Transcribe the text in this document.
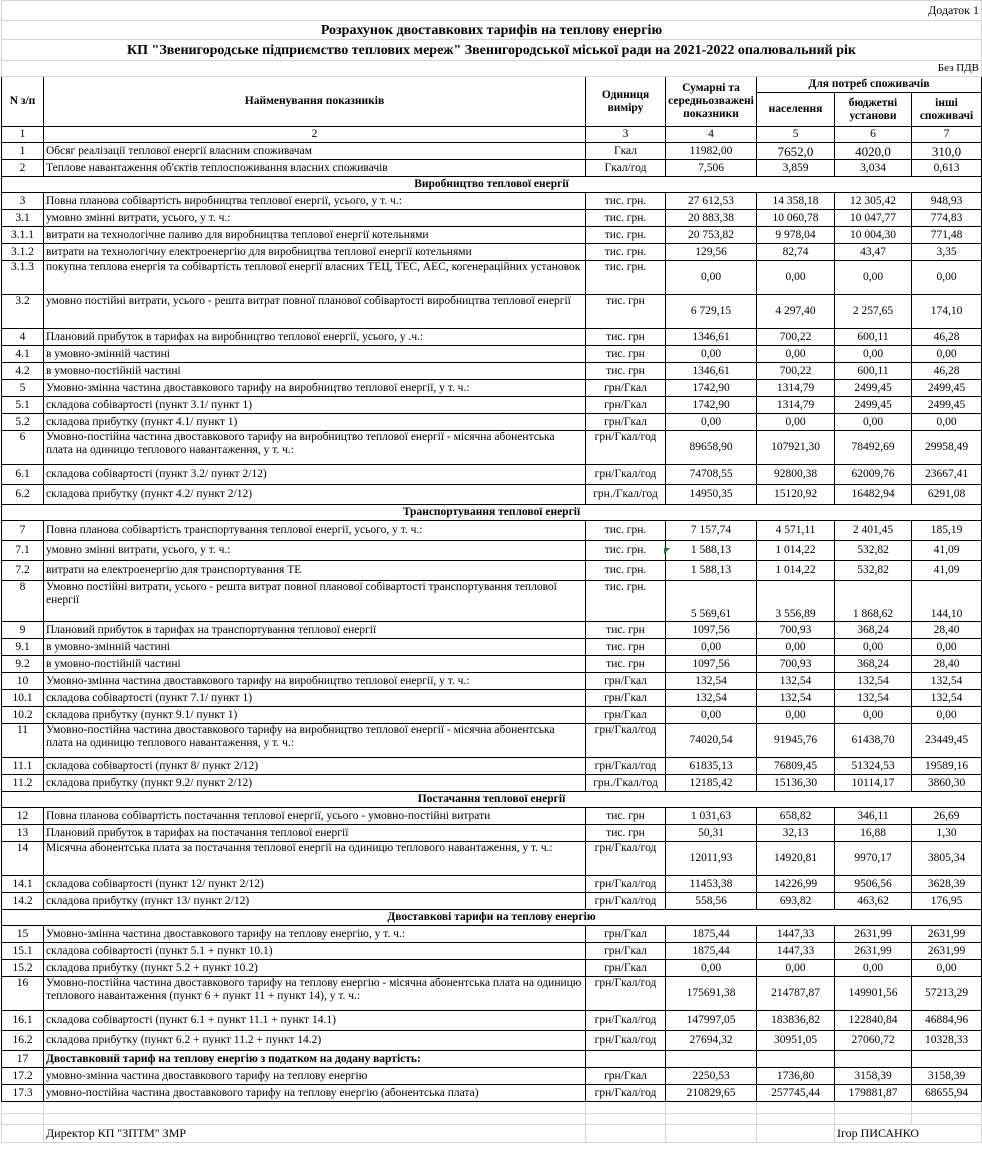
Додаток 1						
Розрахунок двоставкових тарифів на теплову енергію						
КП "Звенигородське підприємство теплових мереж" Звенигородської міської ради на 2021-2022 опалювальний рік						
Без ПДВ						
N з/п	Найменування показників	Одиниця виміру	Сумарні та середньозважені показники	Для потреб споживачів		
				населення	бюджетні установи	інші споживачі

1	2	3	4	5	6	7
1	Обсяг реалізації теплової енергії власним споживачам	Гкал	11982,00	7652,0	4020,0	310,0
2	Теплове навантаження об'єктів теплоспоживання власних споживачів	Гкал/год	7,506	3,859	3,034	0,613
Виробництво теплової енергії						
3	Повна планова собівартість виробництва теплової енергії, усього, у т. ч.:	тис. грн.	27 612,53	14 358,18	12 305,42	948,93
3.1	умовно змінні витрати, усього, у т. ч.:	тис. грн.	20 883,38	10 060,78	10 047,77	774,83
3.1.1	витрати на технологічне паливо для виробництва теплової енергії котельнями	тис. грн.	20 753,82	9 978,04	10 004,30	771,48
3.1.2	витрати на технологічну електроенергію для виробництва теплової енергії котельнями	тис. грн.	129,56	82,74	43,47	3,35
3.1.3	покупна теплова енергія та собівартість теплової енергії власних ТЕЦ, ТЕС, АЕС, когенераційних установок	тис. грн.	0,00	0,00	0,00	0,00
3.2	умовно постійні витрати, усього - решта витрат повної планової собівартості виробництва теплової енергії	тис. грн	6 729,15	4 297,40	2 257,65	174,10
4	Плановий прибуток в тарифах на виробництво теплової енергії, усього, у .ч.:	тис. грн	1346,61	700,22	600,11	46,28
4.1	в умовно-змінній частині	тис. грн	0,00	0,00	0,00	0,00
4.2	в умовно-постійній частині	тис. грн	1346,61	700,22	600,11	46,28
5	Умовно-змінна частина двоставкового тарифу на виробництво теплової енергії, у т. ч.:	грн/Гкал	1742,90	1314,79	2499,45	2499,45
5.1	складова собівартості (пункт 3.1/ пункт 1)	грн/Гкал	1742,90	1314,79	2499,45	2499,45
5.2	складова прибутку (пункт 4.1/ пункт 1)	грн/Гкал	0,00	0,00	0,00	0,00
6	Умовно-постійна частина двоставкового тарифу на виробництво теплової енергії - місячна абонентська плата на одиницю теплового навантаження, у т. ч.:	грн/Гкал/год	89658,90	107921,30	78492,69	29958,49
6.1	складова собівартості (пункт 3.2/ пункт 2/12)	грн/Гкал/год	74708,55	92800,38	62009,76	23667,41
6.2	складова прибутку (пункт 4.2/ пункт 2/12)	грн./Гкал/год	14950,35	15120,92	16482,94	6291,08
Транспортування теплової енергії						
7	Повна планова собівартість транспортування теплової енергії, усього, у т. ч.:	тис. грн.	7 157,74	4 571,11	2 401,45	185,19
7.1	умовно змінні витрати, усього, у т. ч.:	тис. грн.	1 588,13	1 014,22	532,82	41,09
7.2	витрати на електроенергію для транспортування ТЕ	тис. грн.	1 588,13	1 014,22	532,82	41,09
8	Умовно постійні витрати, усього - решта витрат повної планової собівартості транспортування теплової енергії	тис. грн.	5 569,61	3 556,89	1 868,62	144,10
9	Плановий прибуток в тарифах на транспортування теплової енергії	тис. грн	1097,56	700,93	368,24	28,40
9.1	в умовно-змінній частині	тис. грн	0,00	0,00	0,00	0,00
9.2	в умовно-постійній частині	тис. грн	1097,56	700,93	368,24	28,40
10	Умовно-змінна частина двоставкового тарифу на виробництво теплової енергії, у т. ч.:	грн/Гкал	132,54	132,54	132,54	132,54
10.1	складова собівартості (пункт 7.1/ пункт 1)	грн/Гкал	132,54	132,54	132,54	132,54
10.2	складова прибутку (пункт 9.1/ пункт 1)	грн/Гкал	0,00	0,00	0,00	0,00
11	Умовно-постійна частина двоставкового тарифу на виробництво теплової енергії - місячна абонентська плата на одиницю теплового навантаження, у т. ч.:	грн/Гкал/год	74020,54	91945,76	61438,70	23449,45
11.1	складова собівартості (пункт 8/ пункт 2/12)	грн/Гкал/год	61835,13	76809,45	51324,53	19589,16
11.2	складова прибутку (пункт 9.2/ пункт 2/12)	грн./Гкал/год	12185,42	15136,30	10114,17	3860,30
Постачання теплової енергії						
12	Повна планова собівартість постачання теплової енергії, усього - умовно-постійні витрати	тис. грн	1 031,63	658,82	346,11	26,69
13	Плановий прибуток в тарифах на постачання теплової енергії	тис. грн	50,31	32,13	16,88	1,30
14	Місячна абонентська плата за постачання теплової енергії на одиницю теплового навантаження, у т. ч.:	грн/Гкал/год	12011,93	14920,81	9970,17	3805,34
14.1	складова собівартості (пункт 12/ пункт 2/12)	грн/Гкал/год	11453,38	14226,99	9506,56	3628,39
14.2	складова прибутку (пункт 13/ пункт 2/12)	грн/Гкал/год	558,56	693,82	463,62	176,95
Двоставкові тарифи на теплову енергію						
15	Умовно-змінна частина двоставкового тарифу на теплову енергію, у т. ч.:	грн/Гкал	1875,44	1447,33	2631,99	2631,99
15.1	складова собівартості (пункт 5.1 + пункт 10.1)	грн/Гкал	1875,44	1447,33	2631,99	2631,99
15.2	складова прибутку (пункт 5.2 + пункт 10.2)	грн/Гкал	0,00	0,00	0,00	0,00
16	Умовно-постійна частина двоставкового тарифу на теплову енергію - місячна абонентська плата на одиницю теплового навантаження (пункт 6 + пункт 11 + пункт 14), у т. ч.:	грн/Гкал/год	175691,38	214787,87	149901,56	57213,29
16.1	складова собівартості (пункт 6.1 + пункт 11.1 + пункт 14.1)	грн/Гкал/год	147997,05	183836,82	122840,84	46884,96
16.2	складова прибутку (пункт 6.2 + пункт 11.2 + пункт 14.2)	грн/Гкал/год	27694,32	30951,05	27060,72	10328,33
17	Двоставковий тариф на теплову енергію з податком на додану вартість:					
17.2	умовно-змінна частина двоставкового тарифу на теплову енергію	грн/Гкал	2250,53	1736,80	3158,39	3158,39
17.3	умовно-постійна частина двоставкового тарифу на теплову енергію (абонентська плата)	грн/Гкал/год	210829,65	257745,44	179881,87	68655,94

	Директор КП "ЗПТМ" ЗМР				Ігор ПИСАНКО	
